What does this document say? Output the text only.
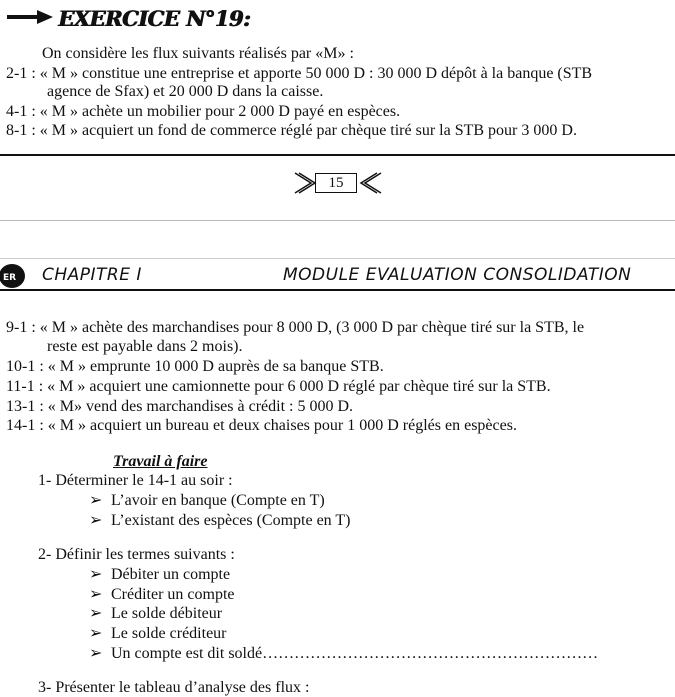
EXERCICE N°19:
On considère les flux suivants réalisés par «M» :
2-1 : « M » constitue une entreprise et apporte 50 000 D : 30 000 D dépôt à la banque (STB
agence de Sfax) et 20 000 D dans la caisse.
4-1 : « M » achète un mobilier pour 2 000 D payé en espèces.
8-1 : « M » acquiert un fond de commerce réglé par chèque tiré sur la STB pour 3 000 D.
15
ER CHAPITRE I	MODULE EVALUATION CONSOLIDATION
9-1 : « M » achète des marchandises pour 8 000 D, (3 000 D par chèque tiré sur la STB, le
reste est payable dans 2 mois).
10-1 : « M » emprunte 10 000 D auprès de sa banque STB.
11-1 : « M » acquiert une camionnette pour 6 000 D réglé par chèque tiré sur la STB.
13-1 : « M» vend des marchandises à crédit : 5 000 D.
14-1 : « M » acquiert un bureau et deux chaises pour 1 000 D réglés en espèces.
Travail à faire
1- Déterminer le 14-1 au soir :
➢ L’avoir en banque (Compte en T)
➢ L’existant des espèces (Compte en T)
2- Définir les termes suivants :
➢ Débiter un compte
➢ Créditer un compte
➢ Le solde débiteur
➢ Le solde créditeur
➢ Un compte est dit soldé………………………………………………………
3- Présenter le tableau d’analyse des flux :
